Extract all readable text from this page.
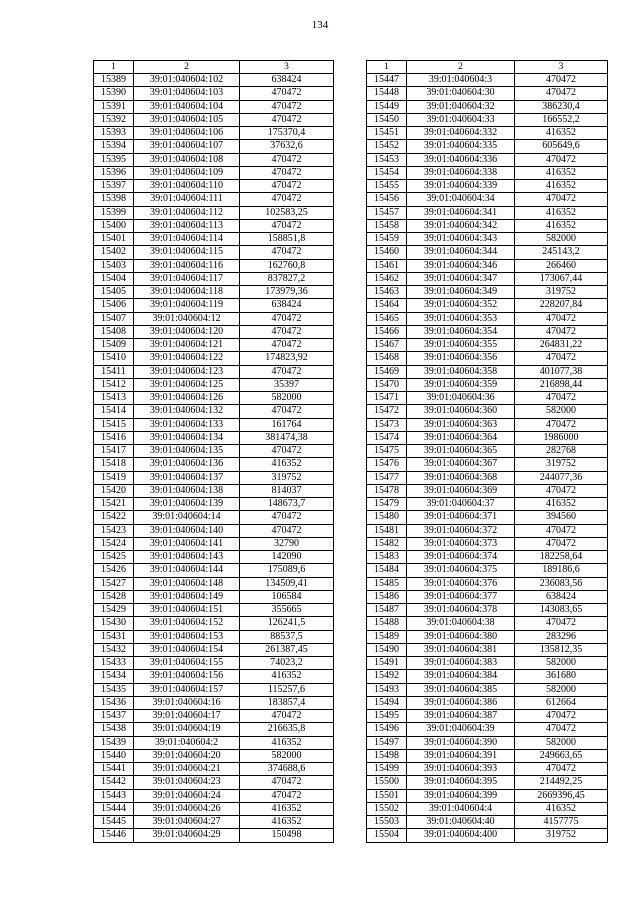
134
1	2	3
15389	39:01:040604:102	638424
15390	39:01:040604:103	470472
15391	39:01:040604:104	470472
15392	39:01:040604:105	470472
15393	39:01:040604:106	175370,4
15394	39:01:040604:107	37632,6
15395	39:01:040604:108	470472
15396	39:01:040604:109	470472
15397	39:01:040604:110	470472
15398	39:01:040604:111	470472
15399	39:01:040604:112	102583,25
15400	39:01:040604:113	470472
15401	39:01:040604:114	158851,8
15402	39:01:040604:115	470472
15403	39:01:040604:116	162760,8
15404	39:01:040604:117	837827,2
15405	39:01:040604:118	173979,36
15406	39:01:040604:119	638424
15407	39:01:040604:12	470472
15408	39:01:040604:120	470472
15409	39:01:040604:121	470472
15410	39:01:040604:122	174823,92
15411	39:01:040604:123	470472
15412	39:01:040604:125	35397
15413	39:01:040604:126	582000
15414	39:01:040604:132	470472
15415	39:01:040604:133	161764
15416	39:01:040604:134	381474,38
15417	39:01:040604:135	470472
15418	39:01:040604:136	416352
15419	39:01:040604:137	319752
15420	39:01:040604:138	814037
15421	39:01:040604:139	148673,7
15422	39:01:040604:14	470472
15423	39:01:040604:140	470472
15424	39:01:040604:141	32790
15425	39:01:040604:143	142090
15426	39:01:040604:144	175089,6
15427	39:01:040604:148	134509,41
15428	39:01:040604:149	106584
15429	39:01:040604:151	355665
15430	39:01:040604:152	126241,5
15431	39:01:040604:153	88537,5
15432	39:01:040604:154	261387,45
15433	39:01:040604:155	74023,2
15434	39:01:040604:156	416352
15435	39:01:040604:157	115257,6
15436	39:01:040604:16	183857,4
15437	39:01:040604:17	470472
15438	39:01:040604:19	216635,8
15439	39:01:040604:2	416352
15440	39:01:040604:20	582000
15441	39:01:040604:21	374688,6
15442	39:01:040604:23	470472
15443	39:01:040604:24	470472
15444	39:01:040604:26	416352
15445	39:01:040604:27	416352
15446	39:01:040604:29	150498
1	2	3
15447	39:01:040604:3	470472
15448	39:01:040604:30	470472
15449	39:01:040604:32	386230,4
15450	39:01:040604:33	166552,2
15451	39:01:040604:332	416352
15452	39:01:040604:335	605649,6
15453	39:01:040604:336	470472
15454	39:01:040604:338	416352
15455	39:01:040604:339	416352
15456	39:01:040604:34	470472
15457	39:01:040604:341	416352
15458	39:01:040604:342	416352
15459	39:01:040604:343	582000
15460	39:01:040604:344	245143,2
15461	39:01:040604:346	266460
15462	39:01:040604:347	173067,44
15463	39:01:040604:349	319752
15464	39:01:040604:352	228207,84
15465	39:01:040604:353	470472
15466	39:01:040604:354	470472
15467	39:01:040604:355	264831,22
15468	39:01:040604:356	470472
15469	39:01:040604:358	401077,38
15470	39:01:040604:359	216898,44
15471	39:01:040604:36	470472
15472	39:01:040604:360	582000
15473	39:01:040604:363	470472
15474	39:01:040604:364	1986000
15475	39:01:040604:365	282768
15476	39:01:040604:367	319752
15477	39:01:040604:368	244077,36
15478	39:01:040604:369	470472
15479	39:01:040604:37	416352
15480	39:01:040604:371	394560
15481	39:01:040604:372	470472
15482	39:01:040604:373	470472
15483	39:01:040604:374	182258,64
15484	39:01:040604:375	189186,6
15485	39:01:040604:376	236083,56
15486	39:01:040604:377	638424
15487	39:01:040604:378	143083,65
15488	39:01:040604:38	470472
15489	39:01:040604:380	283296
15490	39:01:040604:381	135812,35
15491	39:01:040604:383	582000
15492	39:01:040604:384	361680
15493	39:01:040604:385	582000
15494	39:01:040604:386	612664
15495	39:01:040604:387	470472
15496	39:01:040604:39	470472
15497	39:01:040604:390	582000
15498	39:01:040604:391	249663,65
15499	39:01:040604:393	470472
15500	39:01:040604:395	214492,25
15501	39:01:040604:399	2669396,45
15502	39:01:040604:4	416352
15503	39:01:040604:40	4157775
15504	39:01:040604:400	319752
